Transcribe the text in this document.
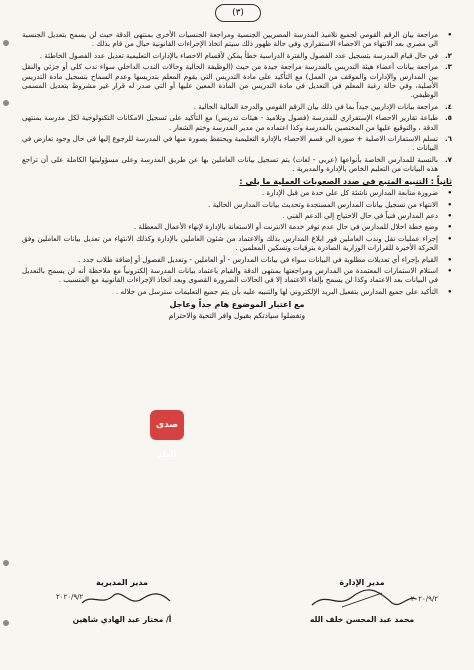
(٣)
•
مراجعة بيان الرقم القومي لجميع تلاميذ المدرسة المصريين الجنسية ومراجعة الجنسيات الأخرى بمنتهى الدقة حيث لن يسمح بتعديل الجنسية الي مصري بعد الانتهاء من الاحصاء الاستقراري وفي حالة ظهور ذلك سيتم اتخاذ الإجراءات القانونية حيال من قام بذلك .
٢.
في حال قيام المدرسة بتسجيل عدد الفصول والفترة الدراسية خطأ يمكن لأقسام الاحصاء بالإدارات التعليمية تعديل عدد الفصول الخاطئة .
٣.
مراجعة بيانات أعضاء هيئة التدريس بالمدرسة مراجعة جيدة من حيث (الوظيفة الحالية وحالات الندب الداخلي سواء ندب كلي أو جزئي والنقل بين المدارس والإدارات والموقف من العمل) مع التأكيد على مادة التدريس التي يقوم المعلم بتدريسها وعدم السماح بتسجيل مادة التدريس الأصلية، وفي حالة رغبة المعلم في التعديل في مادة التدريس من المادة المعين عليها أو التي صدر له قرار غير مشروط بتعديل المسمى الوظيفي.
٤.
مراجعة بيانات الإداريين جيداً بما في ذلك بيان الرقم القومي والدرجة المالية الحالية .
٥.
طباعة تقارير الاحصاء الإستقراري للمدرسة (فصول وتلاميذ - هيئات تدريس) مع التأكيد على تسجيل الامكانات التكنولوجية لكل مدرسة بمنتهى الدقة ، والتوقيع عليها من المختصين بالمدرسة وكذا اعتماده من مدير المدرسة وختم الشعار .
٦.
تسلم الاستمارات الاصلية + صورة الي قسم الاحصاء بالإدارة التعليمية ويحتفظ بصورة منها في المدرسة للرجوع إليها في حال وجود تعارض في البيانات .
٧.
بالنسبة للمدارس الخاصة بأنواعها (عربي - لغات) يتم تسجيل بيانات العاملين بها عن طريق المدرسة وعلى مسؤوليتها الكاملة على أن تراجع هذه البيانات من التعليم الخاص بالإدارة والمديرية .
ثانياً : التنبيه المتبع في صدد الصعوبات العملية ما يلي :
•
ضرورة متابعة المدارس ناشئة كل على حدة من قبل الإدارة .
•
الانتهاء من تسجيل بيانات المدارس المستجدة وتحديث بيانات المدارس الحالية .
•
دعم المدارس فنياً في حال الاحتياج إلى الدعم الفني .
•
وضع خطة احلال للمدارس في حال عدم توفر خدمة الانترنت أو الاستعانة بالإدارة لإنهاء الأعمال المعطلة .
•
إجراء عمليات نقل وندب العاملين فور ابلاغ المدارس بذلك والاعتماد من شئون العاملين بالإدارة وكذلك الانتهاء من تعديل بيانات العاملين وفق الحركة الأخيرة للقرارات الوزارية الصادرة بترقيات وتسكين المعلمين .
•
القيام بإجراء أي تعديلات مطلوبة في البيانات سواء في بيانات المدارس - أو العاملين - وتعديل الفصول أو إضافة طلاب جدد .
•
استلام الاستمارات المعتمدة من المدارس ومراجعتها بمنتهى الدقة والقيام باعتماد بيانات المدرسة إلكترونياً مع ملاحظة أنه لن يسمح بالتعديل في البيانات بعد الاعتماد وكذا لن يسمح بإلغاء الاعتماد إلا في الحالات الضرورة القصوى وبعد اتخاذ الإجراءات القانونية مع المتسبب .
•
التأكيد على جميع المدارس بتفعيل البريد الإلكتروني لها والتنبيه عليه بأن يتم جميع التعليمات سترسل من خلاله .
مع اعتبار الموضوع هام جداً وعاجل
وتفضلوا سيادتكم بقبول وافر التحية والاحترام
صدى البلد
مدير الإدارة
٢٠٢٠/٩/٢
محمد عبد المحسن خلف الله
مدير المديرية
٢٠٢٠/٩/٢
أ/ مختار عبد الهادي شاهين
